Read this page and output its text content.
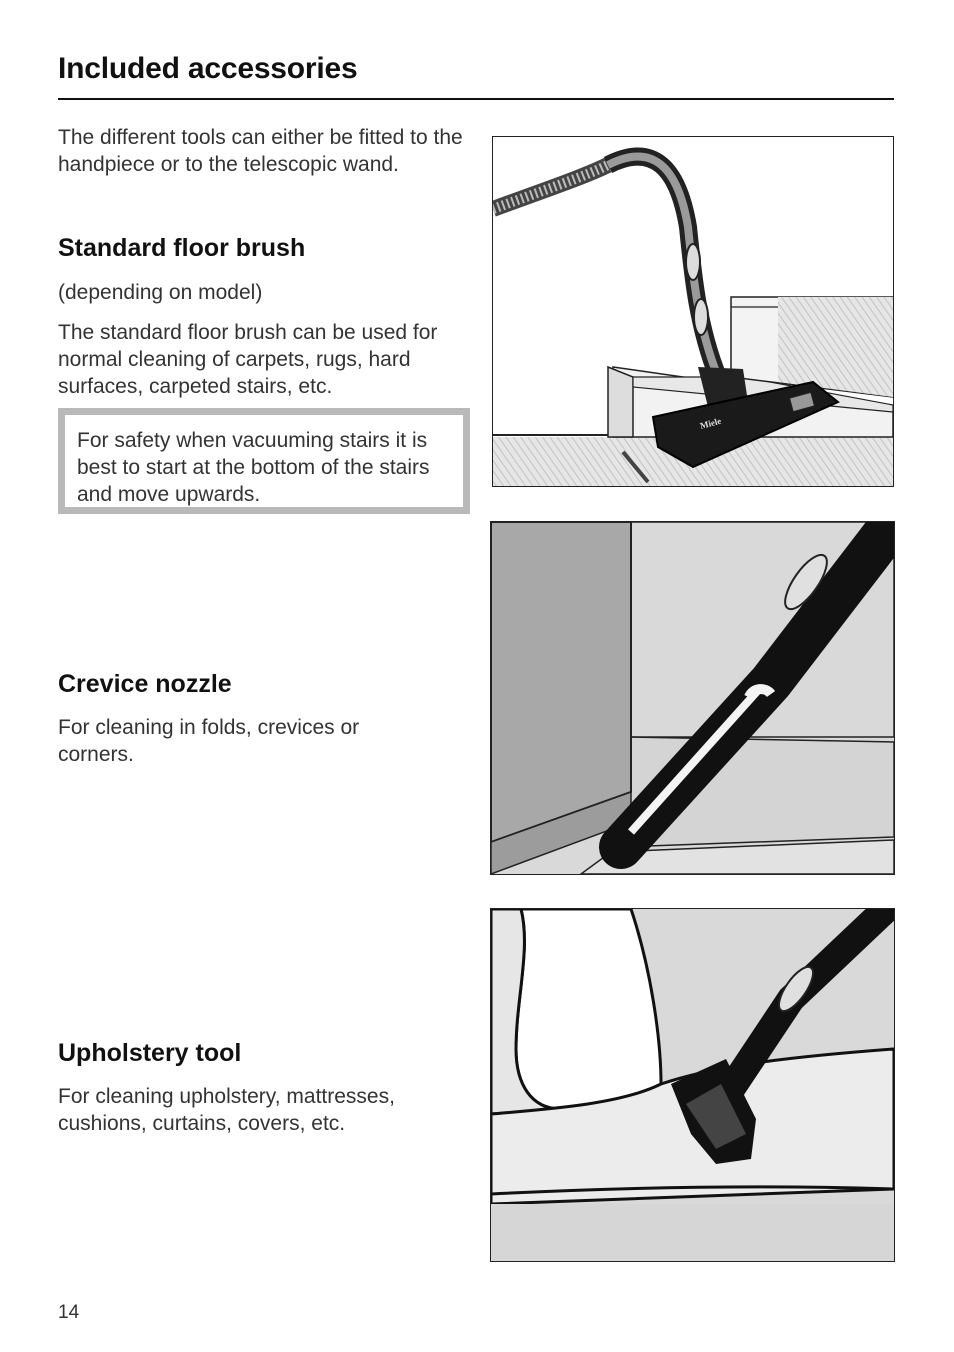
Included accessories

The different tools can either be fitted to the handpiece or to the telescopic wand.

Standard floor brush

(depending on model)

The standard floor brush can be used for normal cleaning of carpets, rugs, hard surfaces, carpeted stairs, etc.

For safety when vacuuming stairs it is best to start at the bottom of the stairs and move upwards.

Crevice nozzle

For cleaning in folds, crevices or corners.

Upholstery tool

For cleaning upholstery, mattresses, cushions, curtains, covers, etc.

Miele

14
